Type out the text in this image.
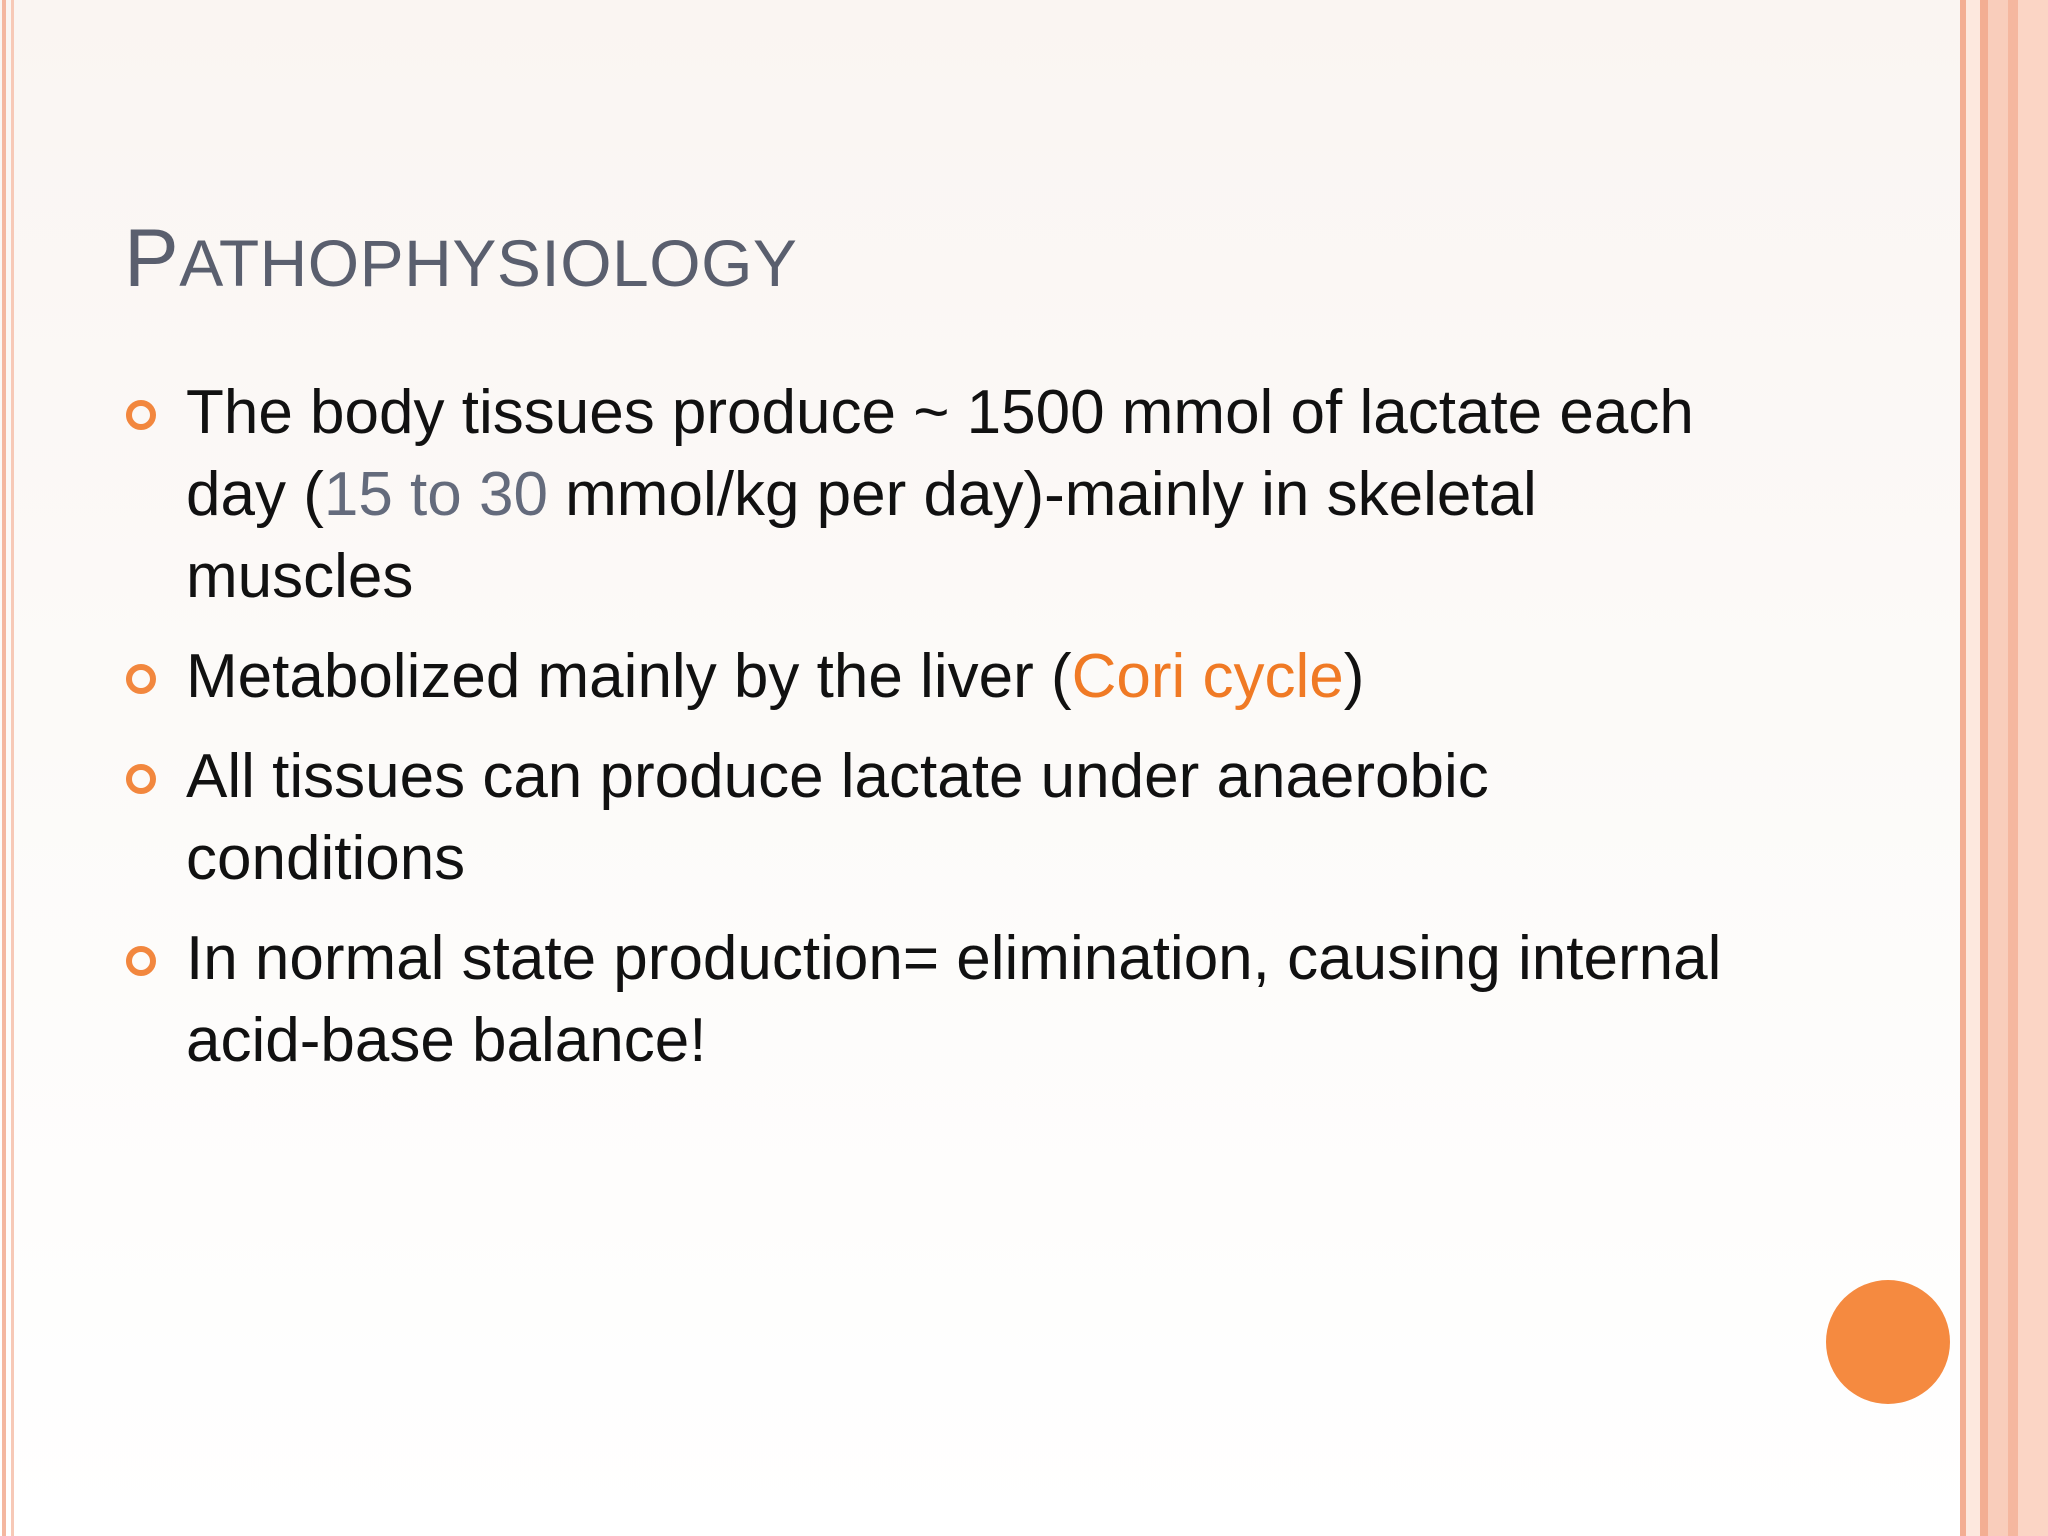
PATHOPHYSIOLOGY
The body tissues produce ~ 1500 mmol of lactate each day (15 to 30 mmol/kg per day)-mainly in skeletal muscles
Metabolized mainly by the liver (Cori cycle)
All tissues can produce lactate under anaerobic conditions
In normal state production= elimination, causing internal acid-base balance!
